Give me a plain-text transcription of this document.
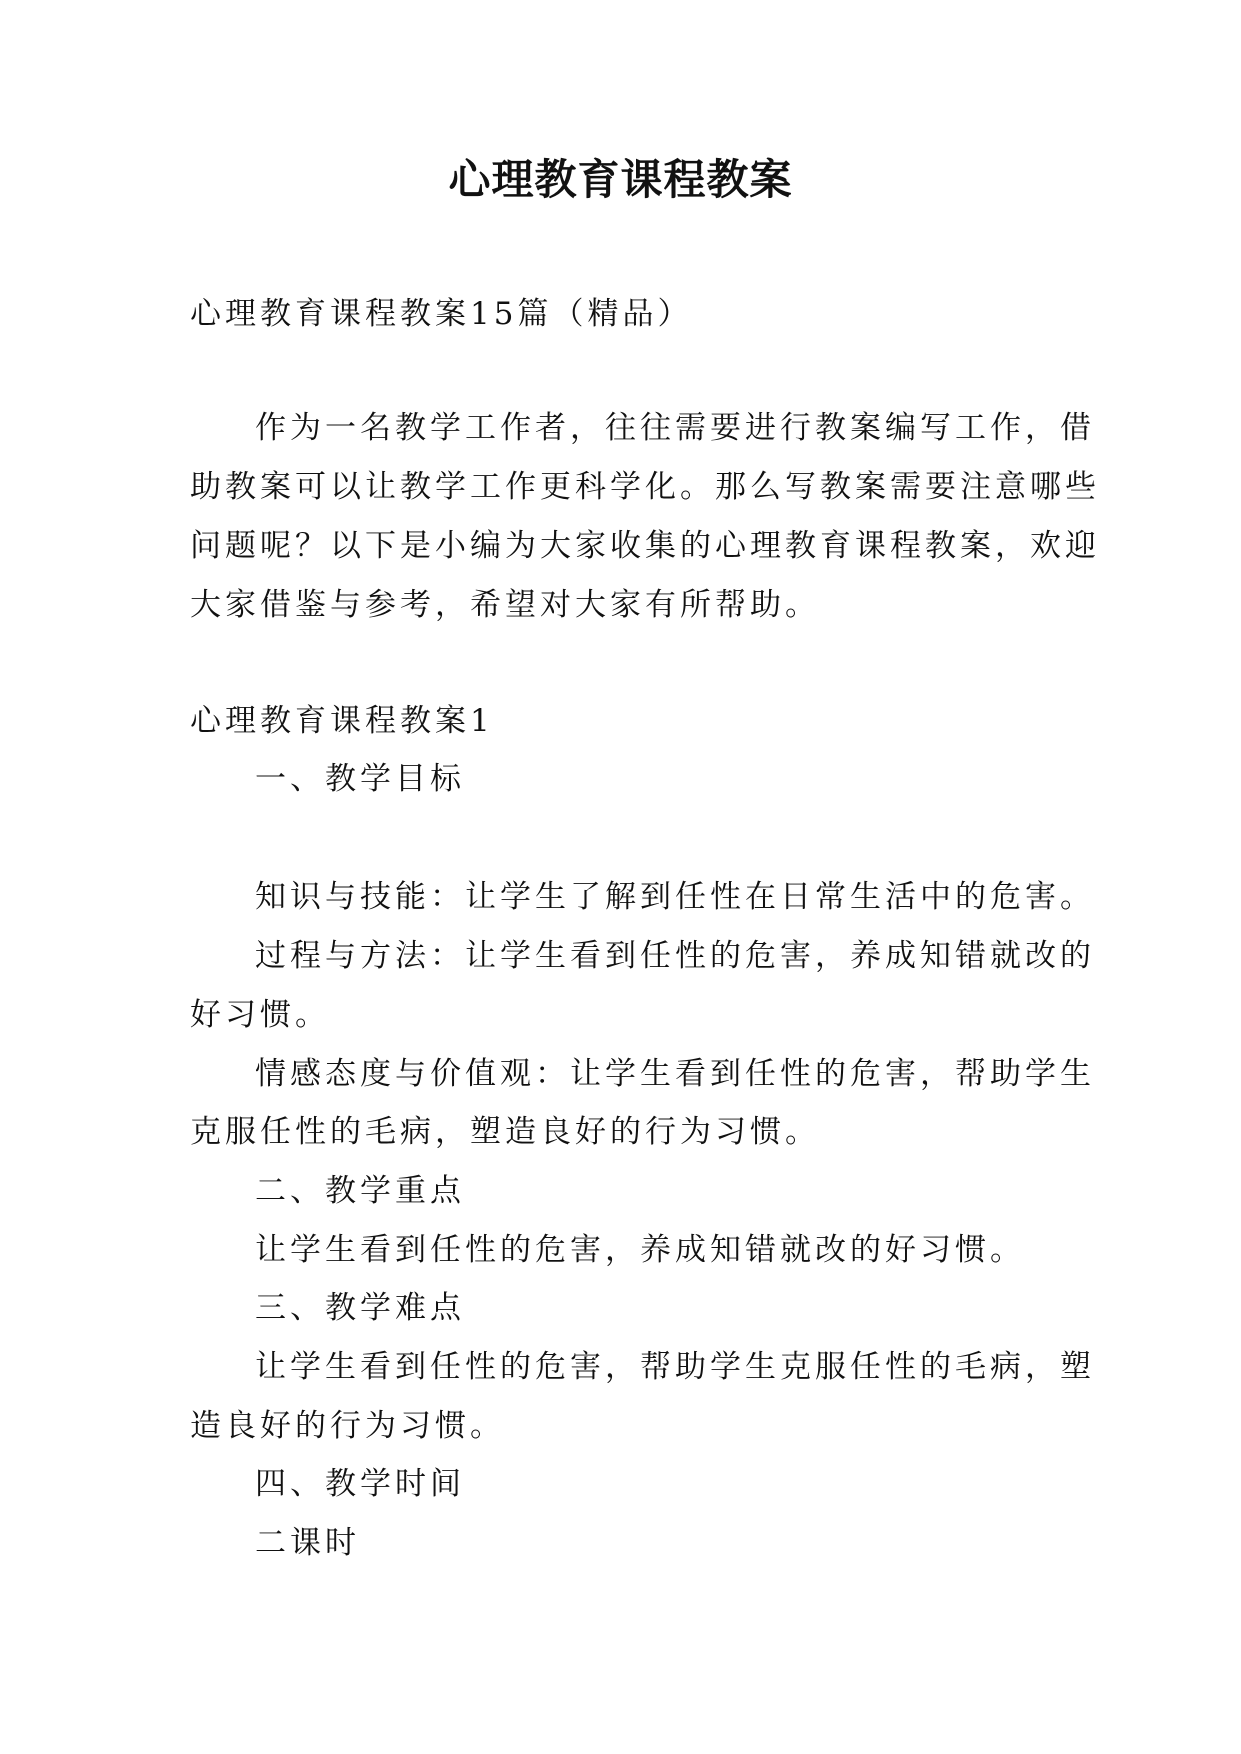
心理教育课程教案
心理教育课程教案15篇（精品）
作为一名教学工作者，往往需要进行教案编写工作，借
助教案可以让教学工作更科学化。那么写教案需要注意哪些
问题呢？以下是小编为大家收集的心理教育课程教案，欢迎
大家借鉴与参考，希望对大家有所帮助。
心理教育课程教案1
一、教学目标
知识与技能：让学生了解到任性在日常生活中的危害。
过程与方法：让学生看到任性的危害，养成知错就改的
好习惯。
情感态度与价值观：让学生看到任性的危害，帮助学生
克服任性的毛病，塑造良好的行为习惯。
二、教学重点
让学生看到任性的危害，养成知错就改的好习惯。
三、教学难点
让学生看到任性的危害，帮助学生克服任性的毛病，塑
造良好的行为习惯。
四、教学时间
二课时
